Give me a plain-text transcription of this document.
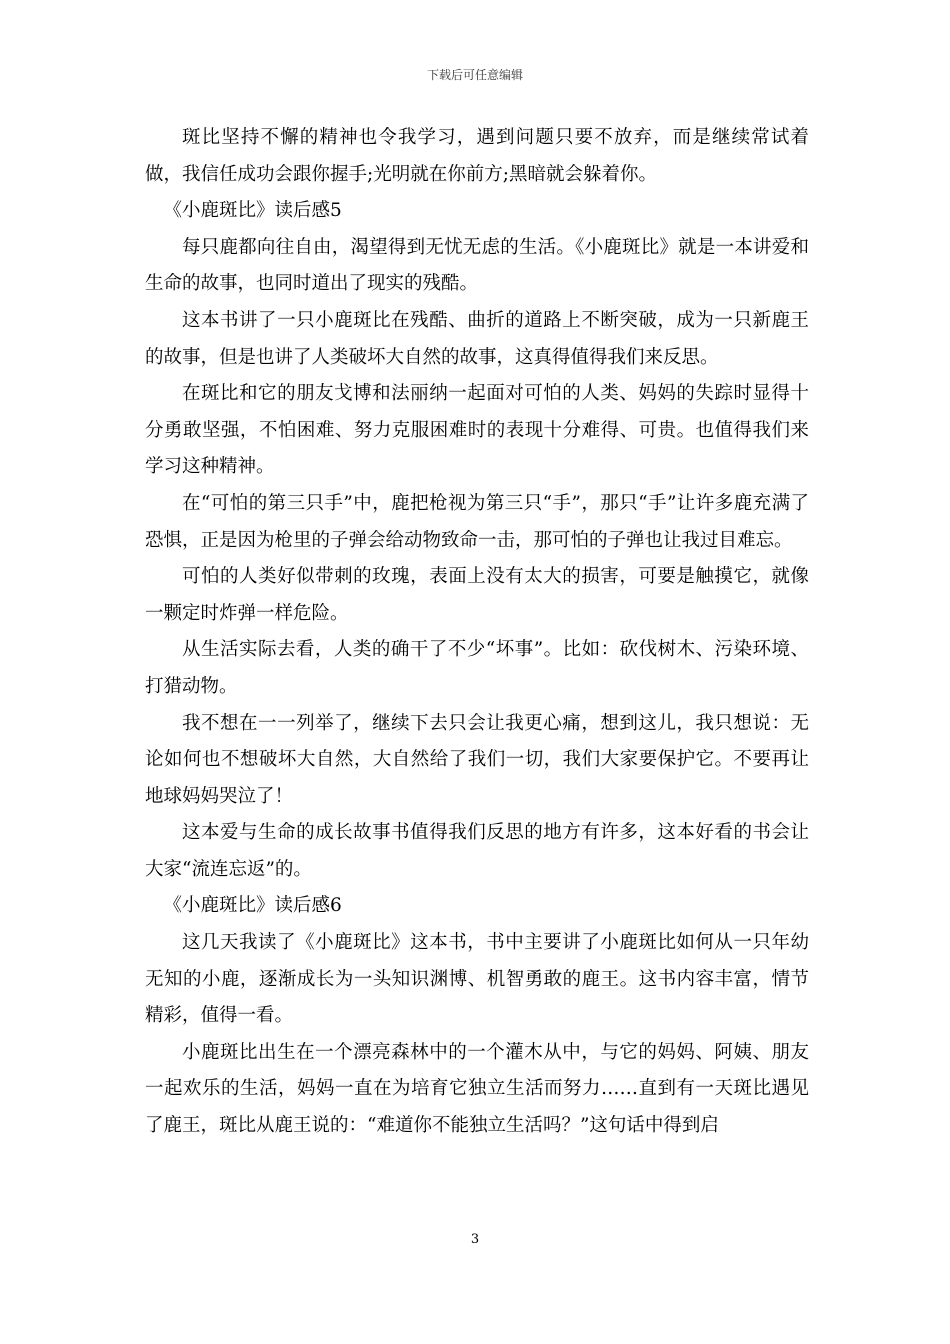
下载后可任意编辑

斑比坚持不懈的精神也令我学习，遇到问题只要不放弃，而是继续常试着做，我信任成功会跟你握手;光明就在你前方;黑暗就会躲着你。

《小鹿斑比》读后感5

每只鹿都向往自由，渴望得到无忧无虑的生活。《小鹿斑比》就是一本讲爱和生命的故事，也同时道出了现实的残酷。

这本书讲了一只小鹿斑比在残酷、曲折的道路上不断突破，成为一只新鹿王的故事，但是也讲了人类破坏大自然的故事，这真得值得我们来反思。

在斑比和它的朋友戈博和法丽纳一起面对可怕的人类、妈妈的失踪时显得十分勇敢坚强，不怕困难、努力克服困难时的表现十分难得、可贵。也值得我们来学习这种精神。

在“可怕的第三只手”中，鹿把枪视为第三只“手”，那只“手”让许多鹿充满了恐惧，正是因为枪里的子弹会给动物致命一击，那可怕的子弹也让我过目难忘。

可怕的人类好似带刺的玫瑰，表面上没有太大的损害，可要是触摸它，就像一颗定时炸弹一样危险。

从生活实际去看，人类的确干了不少“坏事”。比如：砍伐树木、污染环境、打猎动物。

我不想在一一列举了，继续下去只会让我更心痛，想到这儿，我只想说：无论如何也不想破坏大自然，大自然给了我们一切，我们大家要保护它。不要再让地球妈妈哭泣了！

这本爱与生命的成长故事书值得我们反思的地方有许多，这本好看的书会让大家“流连忘返”的。

《小鹿斑比》读后感6

这几天我读了《小鹿斑比》这本书，书中主要讲了小鹿斑比如何从一只年幼无知的小鹿，逐渐成长为一头知识渊博、机智勇敢的鹿王。这书内容丰富，情节精彩，值得一看。

小鹿斑比出生在一个漂亮森林中的一个灌木从中，与它的妈妈、阿姨、朋友一起欢乐的生活，妈妈一直在为培育它独立生活而努力……直到有一天斑比遇见了鹿王，斑比从鹿王说的：“难道你不能独立生活吗？”这句话中得到启

3
